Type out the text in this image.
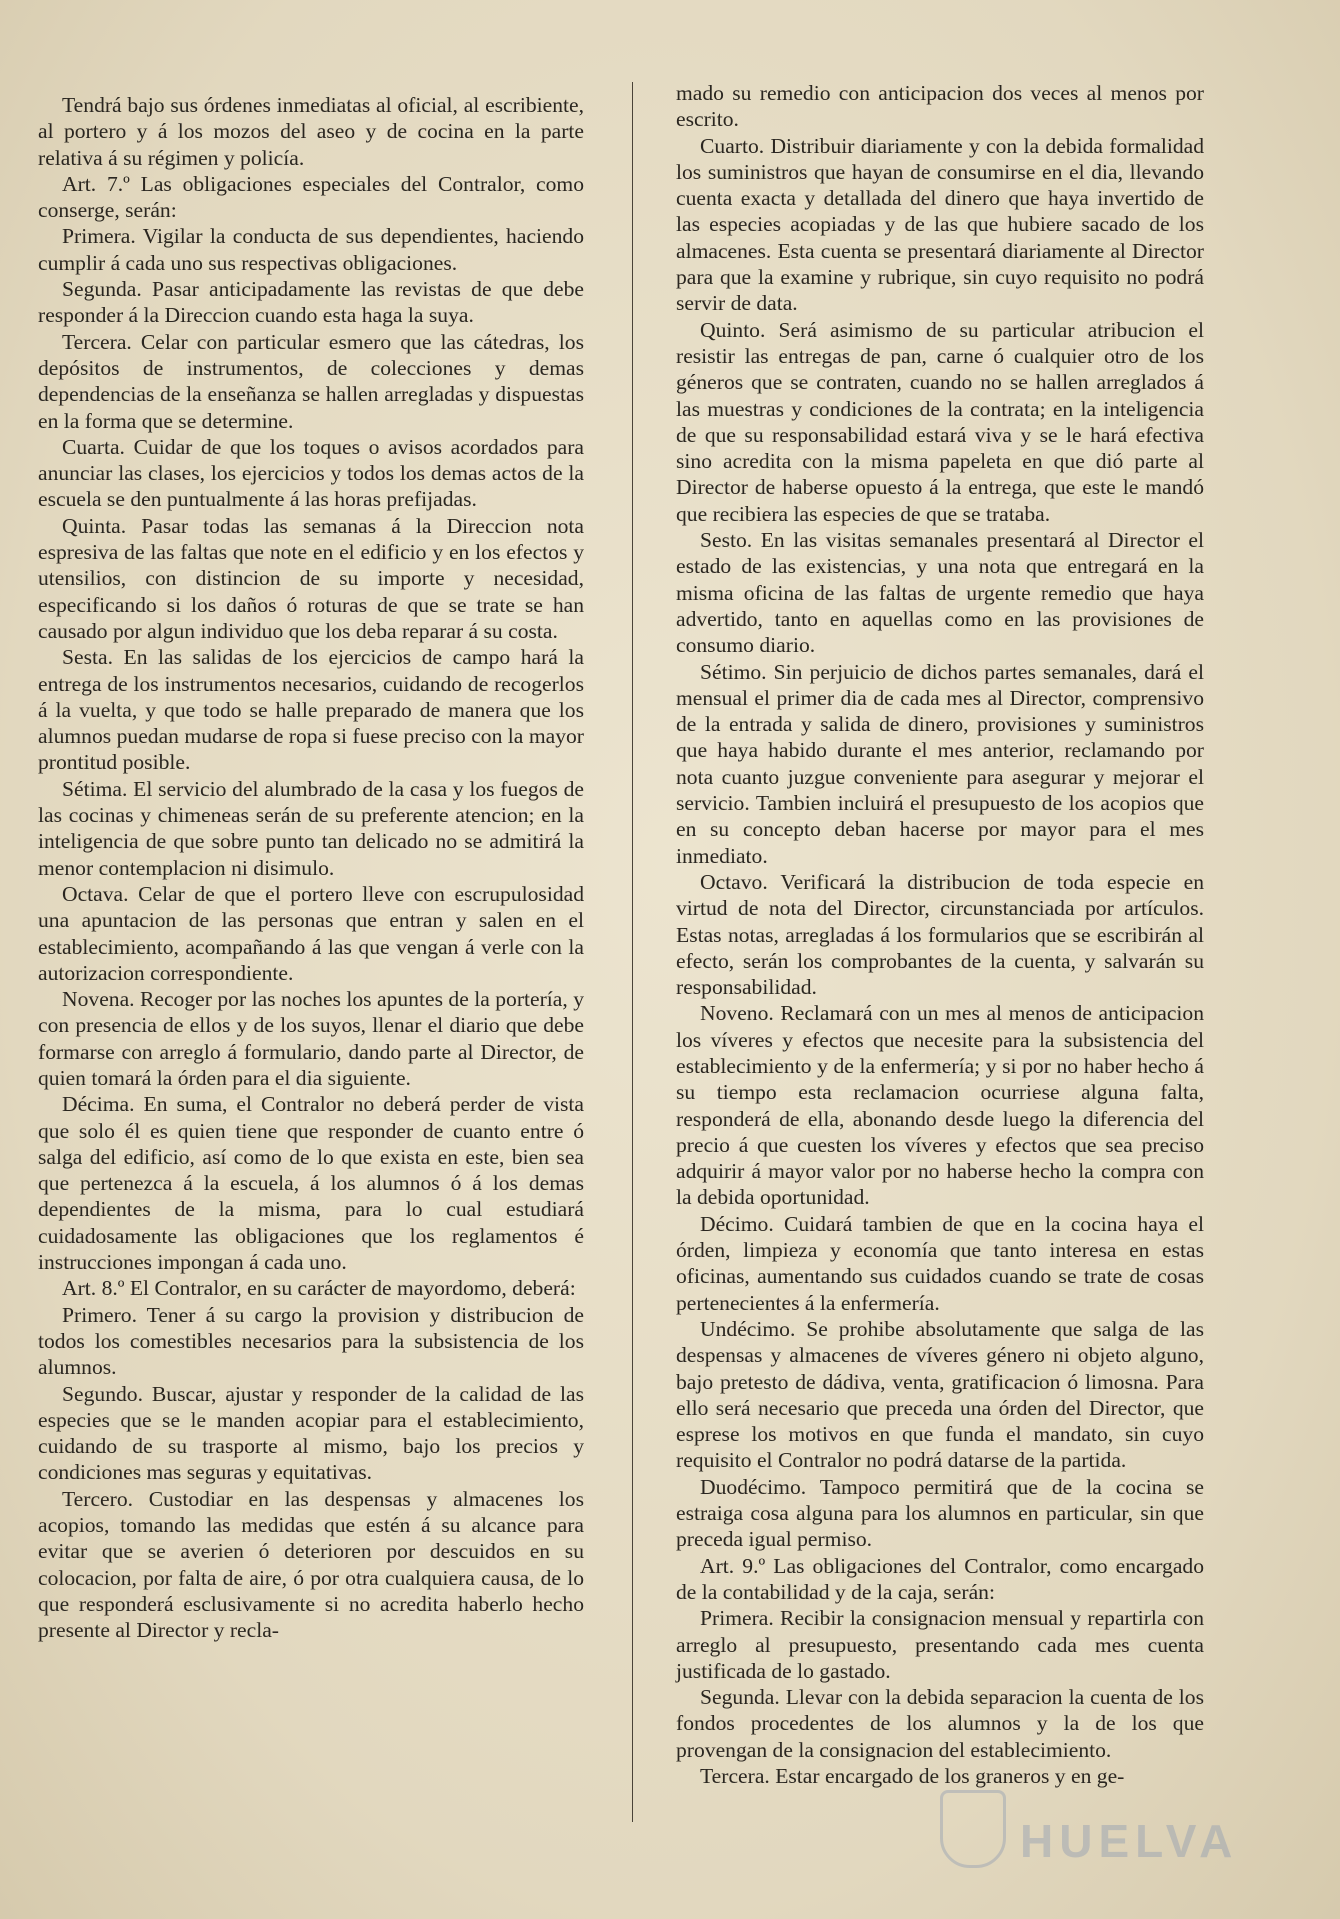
Tendrá bajo sus órdenes inmediatas al oficial, al escribiente, al portero y á los mozos del aseo y de cocina en la parte relativa á su régimen y policía.

Art. 7.º Las obligaciones especiales del Contralor, como conserge, serán:

Primera. Vigilar la conducta de sus dependientes, haciendo cumplir á cada uno sus respectivas obligaciones.

Segunda. Pasar anticipadamente las revistas de que debe responder á la Direccion cuando esta haga la suya.

Tercera. Celar con particular esmero que las cátedras, los depósitos de instrumentos, de colecciones y demas dependencias de la enseñanza se hallen arregladas y dispuestas en la forma que se determine.

Cuarta. Cuidar de que los toques o avisos acordados para anunciar las clases, los ejercicios y todos los demas actos de la escuela se den puntualmente á las horas prefijadas.

Quinta. Pasar todas las semanas á la Direccion nota espresiva de las faltas que note en el edificio y en los efectos y utensilios, con distincion de su importe y necesidad, especificando si los daños ó roturas de que se trate se han causado por algun individuo que los deba reparar á su costa.

Sesta. En las salidas de los ejercicios de campo hará la entrega de los instrumentos necesarios, cuidando de recogerlos á la vuelta, y que todo se halle preparado de manera que los alumnos puedan mudarse de ropa si fuese preciso con la mayor prontitud posible.

Sétima. El servicio del alumbrado de la casa y los fuegos de las cocinas y chimeneas serán de su preferente atencion; en la inteligencia de que sobre punto tan delicado no se admitirá la menor contemplacion ni disimulo.

Octava. Celar de que el portero lleve con escrupulosidad una apuntacion de las personas que entran y salen en el establecimiento, acompañando á las que vengan á verle con la autorizacion correspondiente.

Novena. Recoger por las noches los apuntes de la portería, y con presencia de ellos y de los suyos, llenar el diario que debe formarse con arreglo á formulario, dando parte al Director, de quien tomará la órden para el dia siguiente.

Décima. En suma, el Contralor no deberá perder de vista que solo él es quien tiene que responder de cuanto entre ó salga del edificio, así como de lo que exista en este, bien sea que pertenezca á la escuela, á los alumnos ó á los demas dependientes de la misma, para lo cual estudiará cuidadosamente las obligaciones que los reglamentos é instrucciones impongan á cada uno.

Art. 8.º El Contralor, en su carácter de mayordomo, deberá:

Primero. Tener á su cargo la provision y distribucion de todos los comestibles necesarios para la subsistencia de los alumnos.

Segundo. Buscar, ajustar y responder de la calidad de las especies que se le manden acopiar para el establecimiento, cuidando de su trasporte al mismo, bajo los precios y condiciones mas seguras y equitativas.

Tercero. Custodiar en las despensas y almacenes los acopios, tomando las medidas que estén á su alcance para evitar que se averien ó deterioren por descuidos en su colocacion, por falta de aire, ó por otra cualquiera causa, de lo que responderá esclusivamente si no acredita haberlo hecho presente al Director y recla-

mado su remedio con anticipacion dos veces al menos por escrito.

Cuarto. Distribuir diariamente y con la debida formalidad los suministros que hayan de consumirse en el dia, llevando cuenta exacta y detallada del dinero que haya invertido de las especies acopiadas y de las que hubiere sacado de los almacenes. Esta cuenta se presentará diariamente al Director para que la examine y rubrique, sin cuyo requisito no podrá servir de data.

Quinto. Será asimismo de su particular atribucion el resistir las entregas de pan, carne ó cualquier otro de los géneros que se contraten, cuando no se hallen arreglados á las muestras y condiciones de la contrata; en la inteligencia de que su responsabilidad estará viva y se le hará efectiva sino acredita con la misma papeleta en que dió parte al Director de haberse opuesto á la entrega, que este le mandó que recibiera las especies de que se trataba.

Sesto. En las visitas semanales presentará al Director el estado de las existencias, y una nota que entregará en la misma oficina de las faltas de urgente remedio que haya advertido, tanto en aquellas como en las provisiones de consumo diario.

Sétimo. Sin perjuicio de dichos partes semanales, dará el mensual el primer dia de cada mes al Director, comprensivo de la entrada y salida de dinero, provisiones y suministros que haya habido durante el mes anterior, reclamando por nota cuanto juzgue conveniente para asegurar y mejorar el servicio. Tambien incluirá el presupuesto de los acopios que en su concepto deban hacerse por mayor para el mes inmediato.

Octavo. Verificará la distribucion de toda especie en virtud de nota del Director, circunstanciada por artículos. Estas notas, arregladas á los formularios que se escribirán al efecto, serán los comprobantes de la cuenta, y salvarán su responsabilidad.

Noveno. Reclamará con un mes al menos de anticipacion los víveres y efectos que necesite para la subsistencia del establecimiento y de la enfermería; y si por no haber hecho á su tiempo esta reclamacion ocurriese alguna falta, responderá de ella, abonando desde luego la diferencia del precio á que cuesten los víveres y efectos que sea preciso adquirir á mayor valor por no haberse hecho la compra con la debida oportunidad.

Décimo. Cuidará tambien de que en la cocina haya el órden, limpieza y economía que tanto interesa en estas oficinas, aumentando sus cuidados cuando se trate de cosas pertenecientes á la enfermería.

Undécimo. Se prohibe absolutamente que salga de las despensas y almacenes de víveres género ni objeto alguno, bajo pretesto de dádiva, venta, gratificacion ó limosna. Para ello será necesario que preceda una órden del Director, que esprese los motivos en que funda el mandato, sin cuyo requisito el Contralor no podrá datarse de la partida.

Duodécimo. Tampoco permitirá que de la cocina se estraiga cosa alguna para los alumnos en particular, sin que preceda igual permiso.

Art. 9.º Las obligaciones del Contralor, como encargado de la contabilidad y de la caja, serán:

Primera. Recibir la consignacion mensual y repartirla con arreglo al presupuesto, presentando cada mes cuenta justificada de lo gastado.

Segunda. Llevar con la debida separacion la cuenta de los fondos procedentes de los alumnos y la de los que provengan de la consignacion del establecimiento.

Tercera. Estar encargado de los graneros y en ge-

HUELVA
